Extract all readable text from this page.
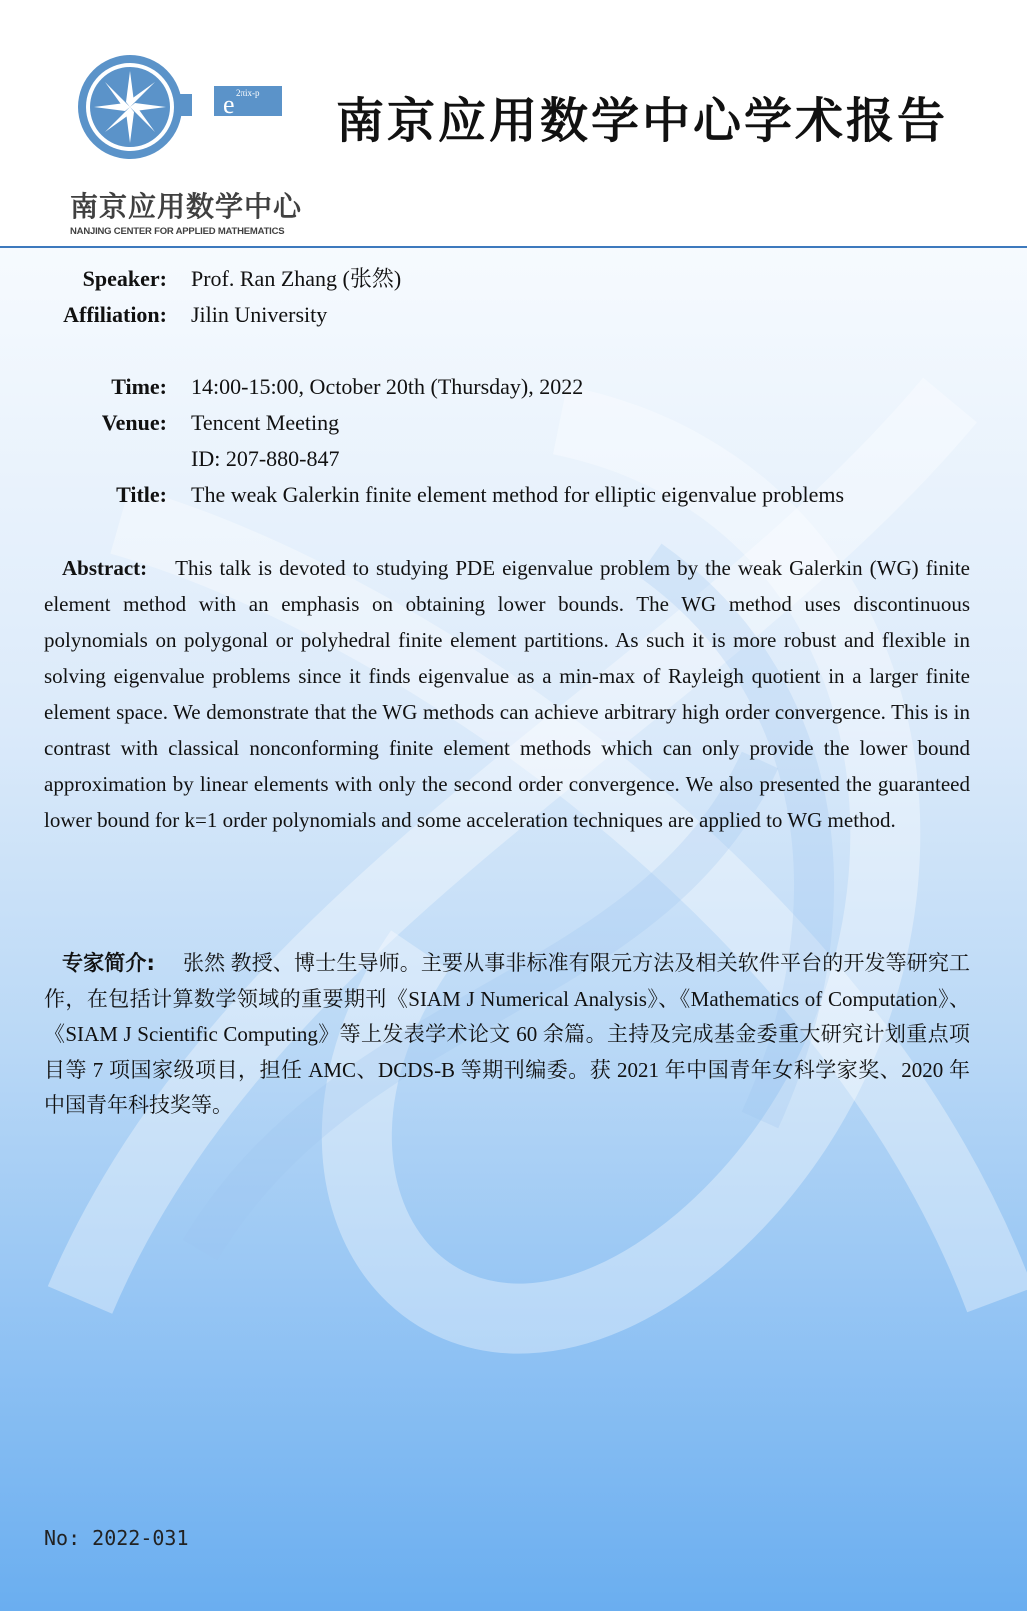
e 2πix-p
南京应用数学中心
NANJING CENTER FOR APPLIED MATHEMATICS
南京应用数学中心学术报告
Speaker: Prof. Ran Zhang (张然)
Affiliation: Jilin University
Time: 14:00-15:00, October 20th (Thursday), 2022
Venue: Tencent Meeting
ID: 207-880-847
Title: The weak Galerkin finite element method for elliptic eigenvalue problems
Abstract: This talk is devoted to studying PDE eigenvalue problem by the weak Galerkin (WG) finite element method with an emphasis on obtaining lower bounds. The WG method uses discontinuous polynomials on polygonal or polyhedral finite element partitions. As such it is more robust and flexible in solving eigenvalue problems since it finds eigenvalue as a min-max of Rayleigh quotient in a larger finite element space. We demonstrate that the WG methods can achieve arbitrary high order convergence. This is in contrast with classical nonconforming finite element methods which can only provide the lower bound approximation by linear elements with only the second order convergence. We also presented the guaranteed lower bound for k=1 order polynomials and some acceleration techniques are applied to WG method.
专家简介: 张然 教授、博士生导师。主要从事非标准有限元方法及相关软件平台的开发等研究工作，在包括计算数学领域的重要期刊《SIAM J Numerical Analysis》、《Mathematics of Computation》、《SIAM J Scientific Computing》等上发表学术论文 60 余篇。主持及完成基金委重大研究计划重点项目等 7 项国家级项目，担任 AMC、DCDS-B 等期刊编委。获 2021 年中国青年女科学家奖、2020 年中国青年科技奖等。
No: 2022-031
